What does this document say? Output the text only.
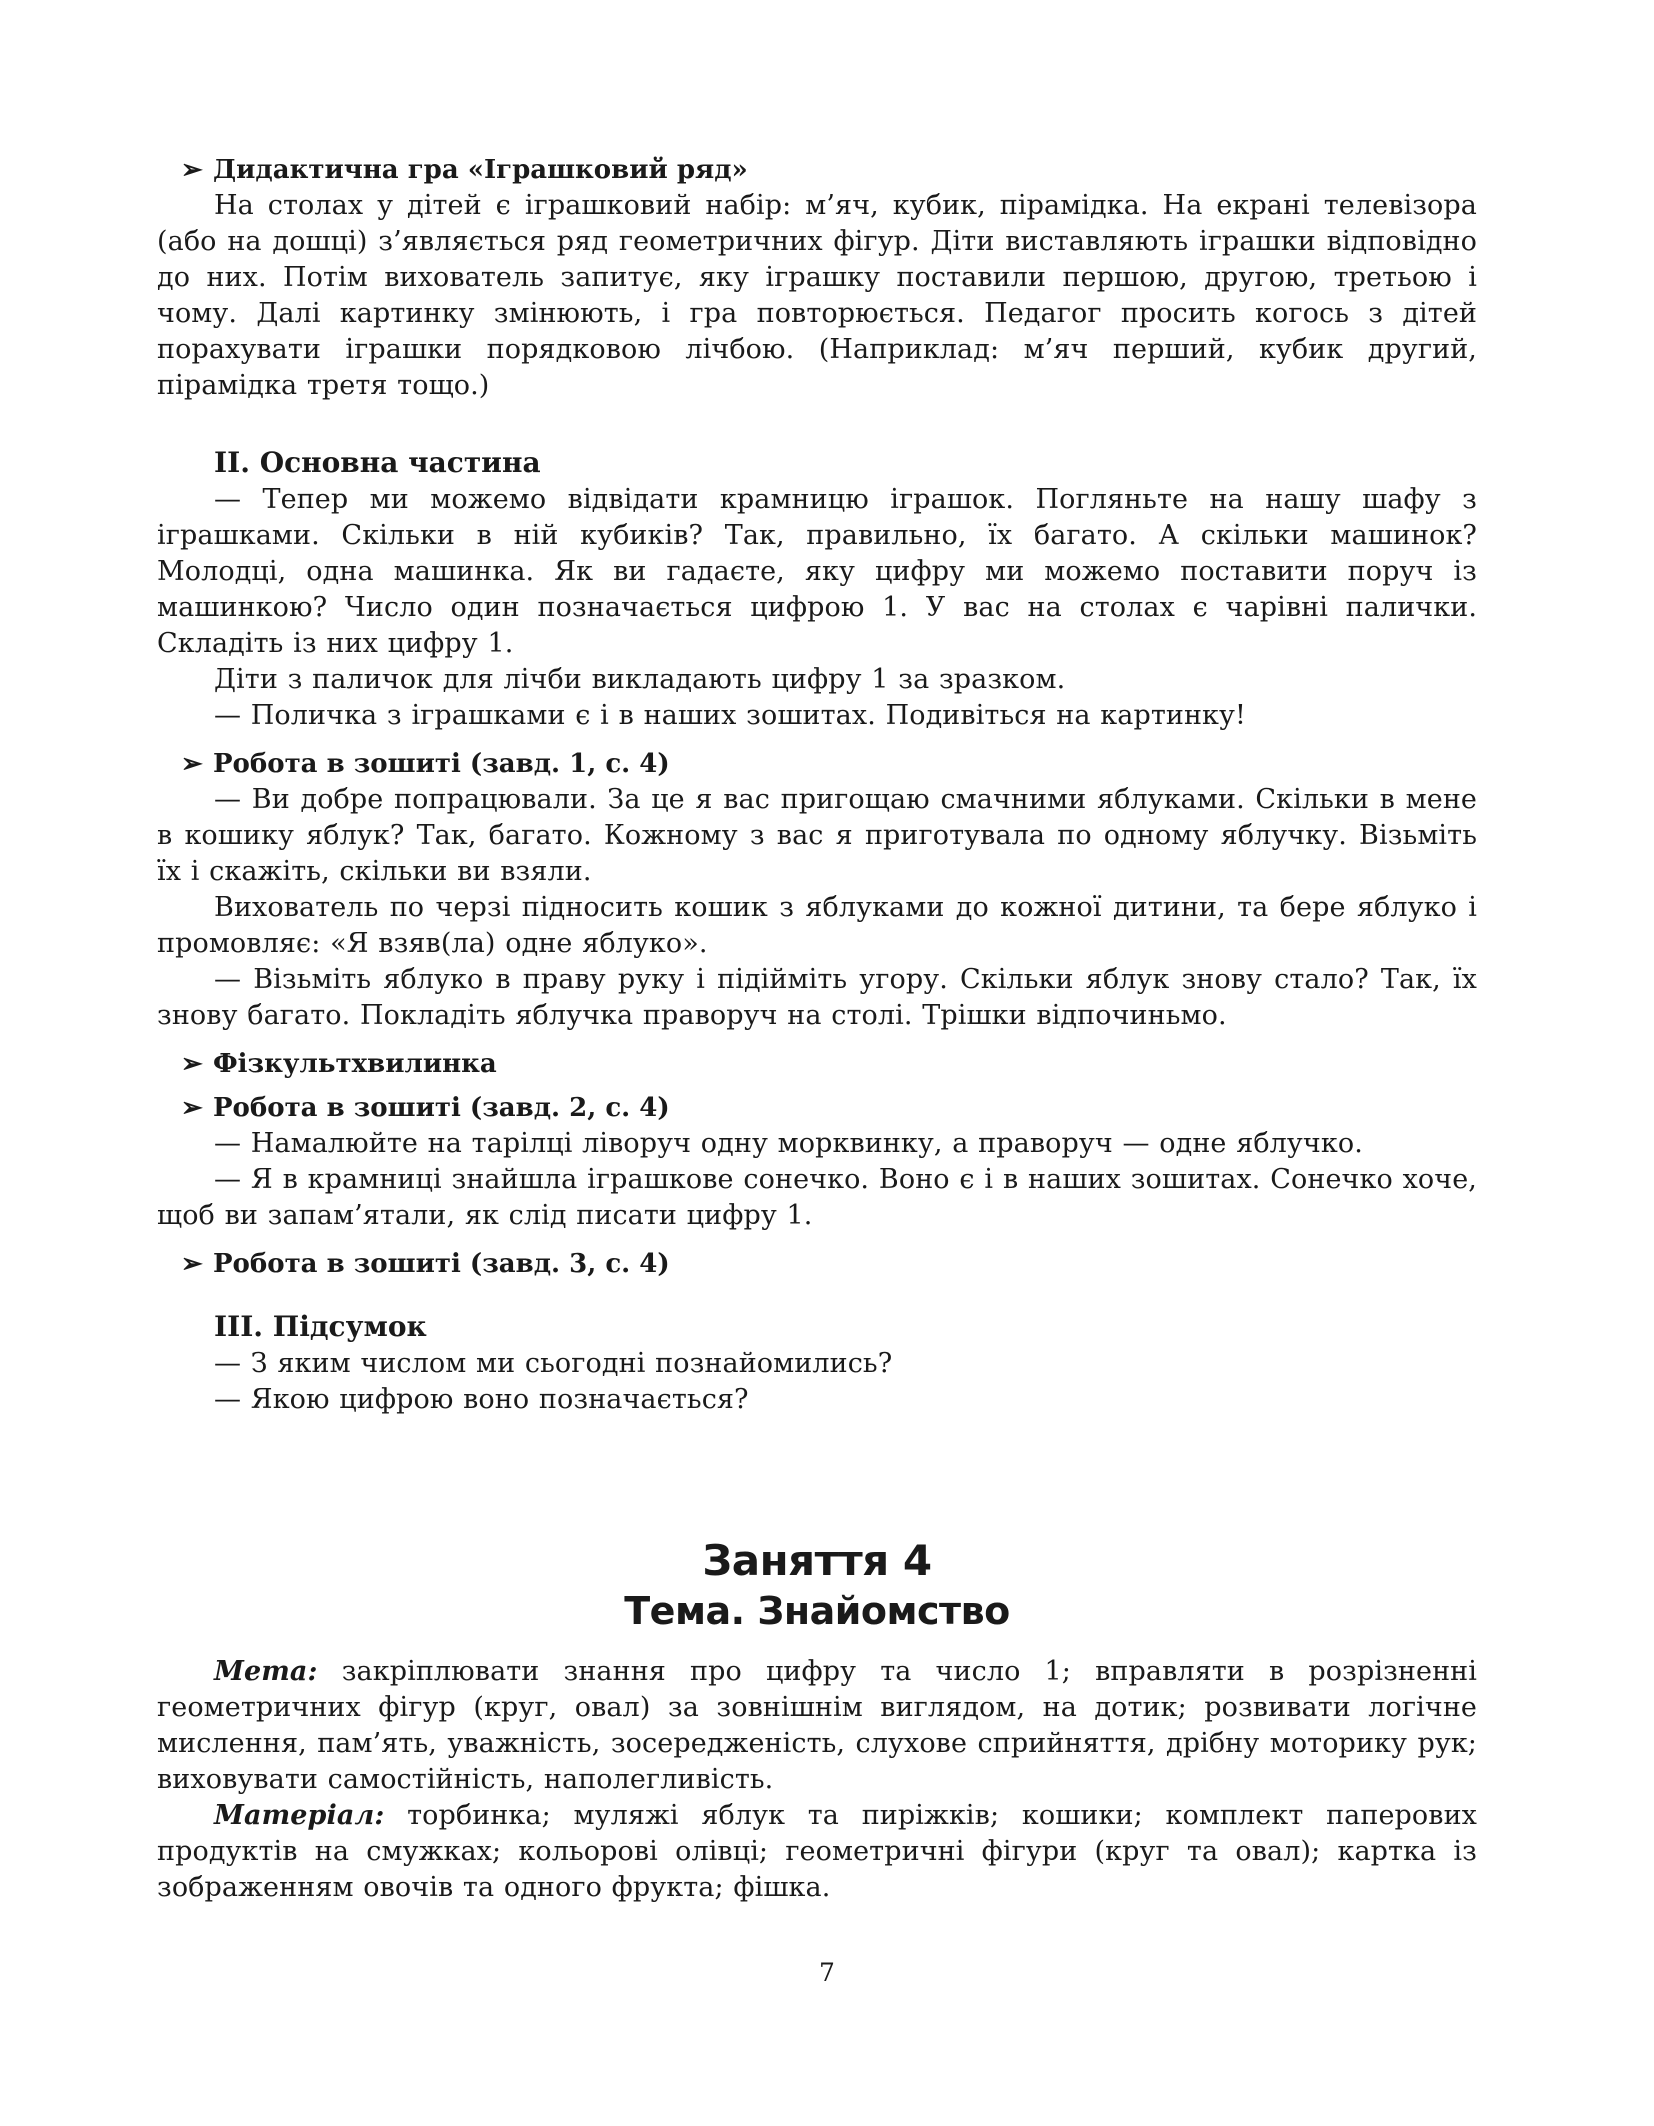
➢ Дидактична гра «Іграшковий ряд»

На столах у дітей є іграшковий набір: м’яч, кубик, пірамідка. На екрані телевізора (або на дошці) з’являється ряд геометричних фігур. Діти виставляють іграшки відповідно до них. Потім вихователь запитує, яку іграшку поставили першою, другою, третьою і чому. Далі картинку змінюють, і гра повторюється. Педагог просить когось з дітей порахувати іграшки порядковою лічбою. (Наприклад: м’яч перший, кубик другий, пірамідка третя тощо.)

II. Основна частина

— Тепер ми можемо відвідати крамницю іграшок. Погляньте на нашу шафу з іграшками. Скільки в ній кубиків? Так, правильно, їх багато. А скільки машинок? Молодці, одна машинка. Як ви гадаєте, яку цифру ми можемо поставити поруч із машинкою? Число один позначається цифрою 1. У вас на столах є чарівні палички. Складіть із них цифру 1.

Діти з паличок для лічби викладають цифру 1 за зразком.

— Поличка з іграшками є і в наших зошитах. Подивіться на картинку!

➢ Робота в зошиті (завд. 1, с. 4)

— Ви добре попрацювали. За це я вас пригощаю смачними яблуками. Скільки в мене в кошику яблук? Так, багато. Кожному з вас я приготувала по одному яблучку. Візьміть їх і скажіть, скільки ви взяли.

Вихователь по черзі підносить кошик з яблуками до кожної дитини, та бере яблуко і промовляє: «Я взяв(ла) одне яблуко».

— Візьміть яблуко в праву руку і підійміть угору. Скільки яблук знову стало? Так, їх знову багато. Покладіть яблучка праворуч на столі. Трішки відпочиньмо.

➢ Фізкультхвилинка
➢ Робота в зошиті (завд. 2, с. 4)

— Намалюйте на тарілці ліворуч одну морквинку, а праворуч — одне яблучко.

— Я в крамниці знайшла іграшкове сонечко. Воно є і в наших зошитах. Сонечко хоче, щоб ви запам’ятали, як слід писати цифру 1.

➢ Робота в зошиті (завд. 3, с. 4)
III. Підсумок

— З яким числом ми сьогодні познайомились?

— Якою цифрою воно позначається?

Заняття 4
Тема. Знайомство

Мета: закріплювати знання про цифру та число 1; вправляти в розрізненні геометричних фігур (круг, овал) за зовнішнім виглядом, на дотик; розвивати логічне мислення, пам’ять, уважність, зосередженість, слухове сприйняття, дрібну моторику рук; виховувати самостійність, наполегливість.

Матеріал: торбинка; муляжі яблук та пиріжків; кошики; комплект паперових продуктів на смужках; кольорові олівці; геометричні фігури (круг та овал); картка із зображенням овочів та одного фрукта; фішка.

7
